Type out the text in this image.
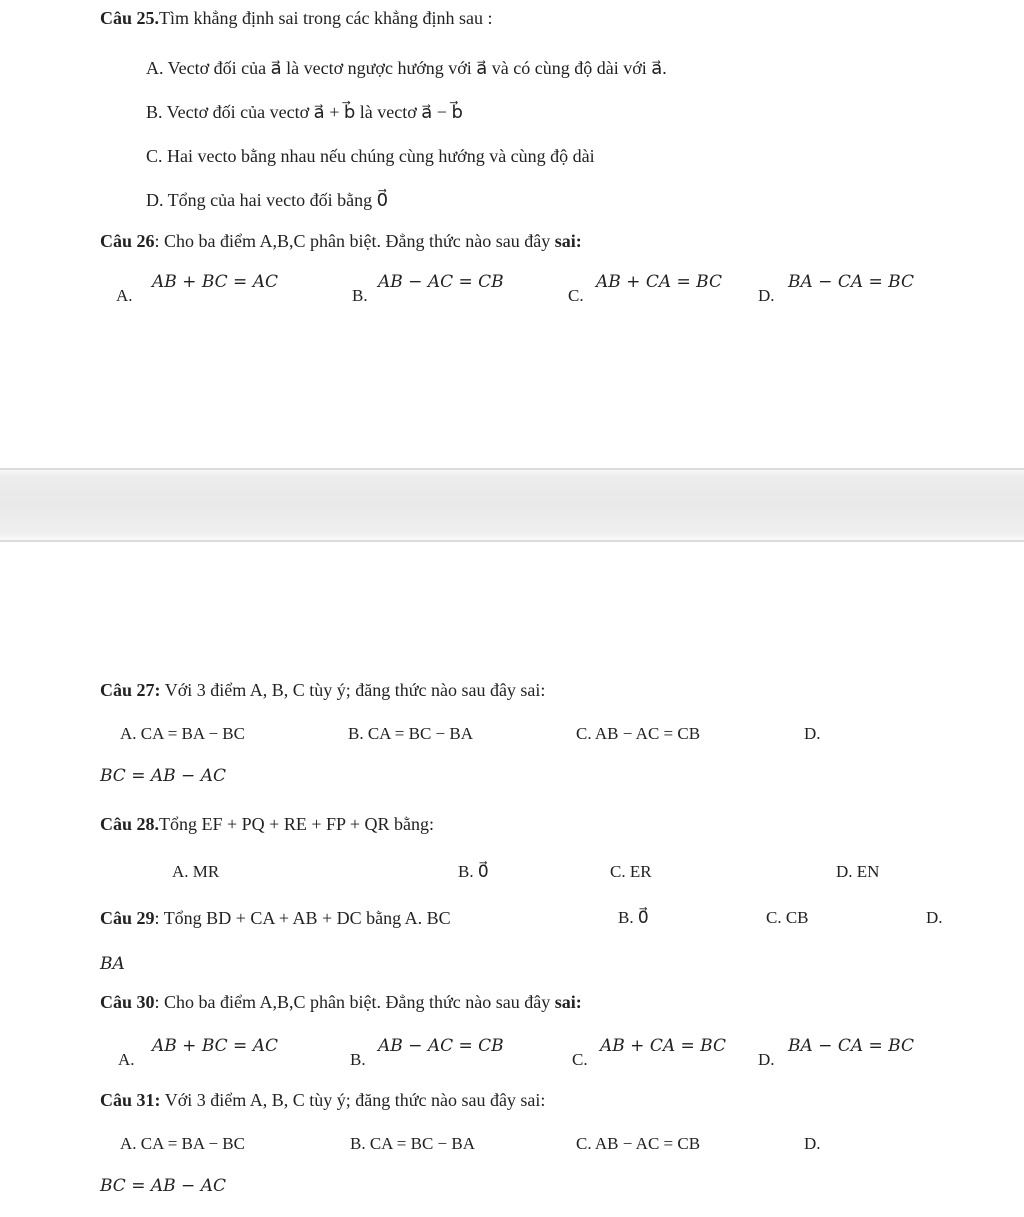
Câu 25.Tìm khẳng định sai trong các khẳng định sau :
A. Vectơ đối của a⃗ là vectơ ngược hướng với a⃗ và có cùng độ dài với a⃗.
B. Vectơ đối của vectơ a⃗ + b⃗ là vectơ a⃗ − b⃗
C. Hai vecto bằng nhau nếu chúng cùng hướng và cùng độ dài
D. Tổng của hai vecto đối bằng 0⃗
Câu 26: Cho ba điểm A,B,C phân biệt. Đẳng thức nào sau đây sai:
A.
AB + BC = AC
B.
AB − AC = CB
C.
AB + CA = BC
D.
BA − CA = BC
Câu 27: Với 3 điểm A, B, C tùy ý; đăng thức nào sau đây sai:
A. CA = BA − BC	B. CA = BC − BA	C. AB − AC = CB	D.
BC = AB − AC
Câu 28.Tổng EF + PQ + RE + FP + QR bằng:
A. MR	B. 0⃗	C. ER	D. EN
Câu 29: Tổng BD + CA + AB + DC bằng A. BC	B. 0⃗	C. CB	D.
BA
Câu 30: Cho ba điểm A,B,C phân biệt. Đẳng thức nào sau đây sai:
A.
AB + BC = AC
B.
AB − AC = CB
C.
AB + CA = BC
D.
BA − CA = BC
Câu 31: Với 3 điểm A, B, C tùy ý; đăng thức nào sau đây sai:
A. CA = BA − BC	B. CA = BC − BA	C. AB − AC = CB	D.
BC = AB − AC
